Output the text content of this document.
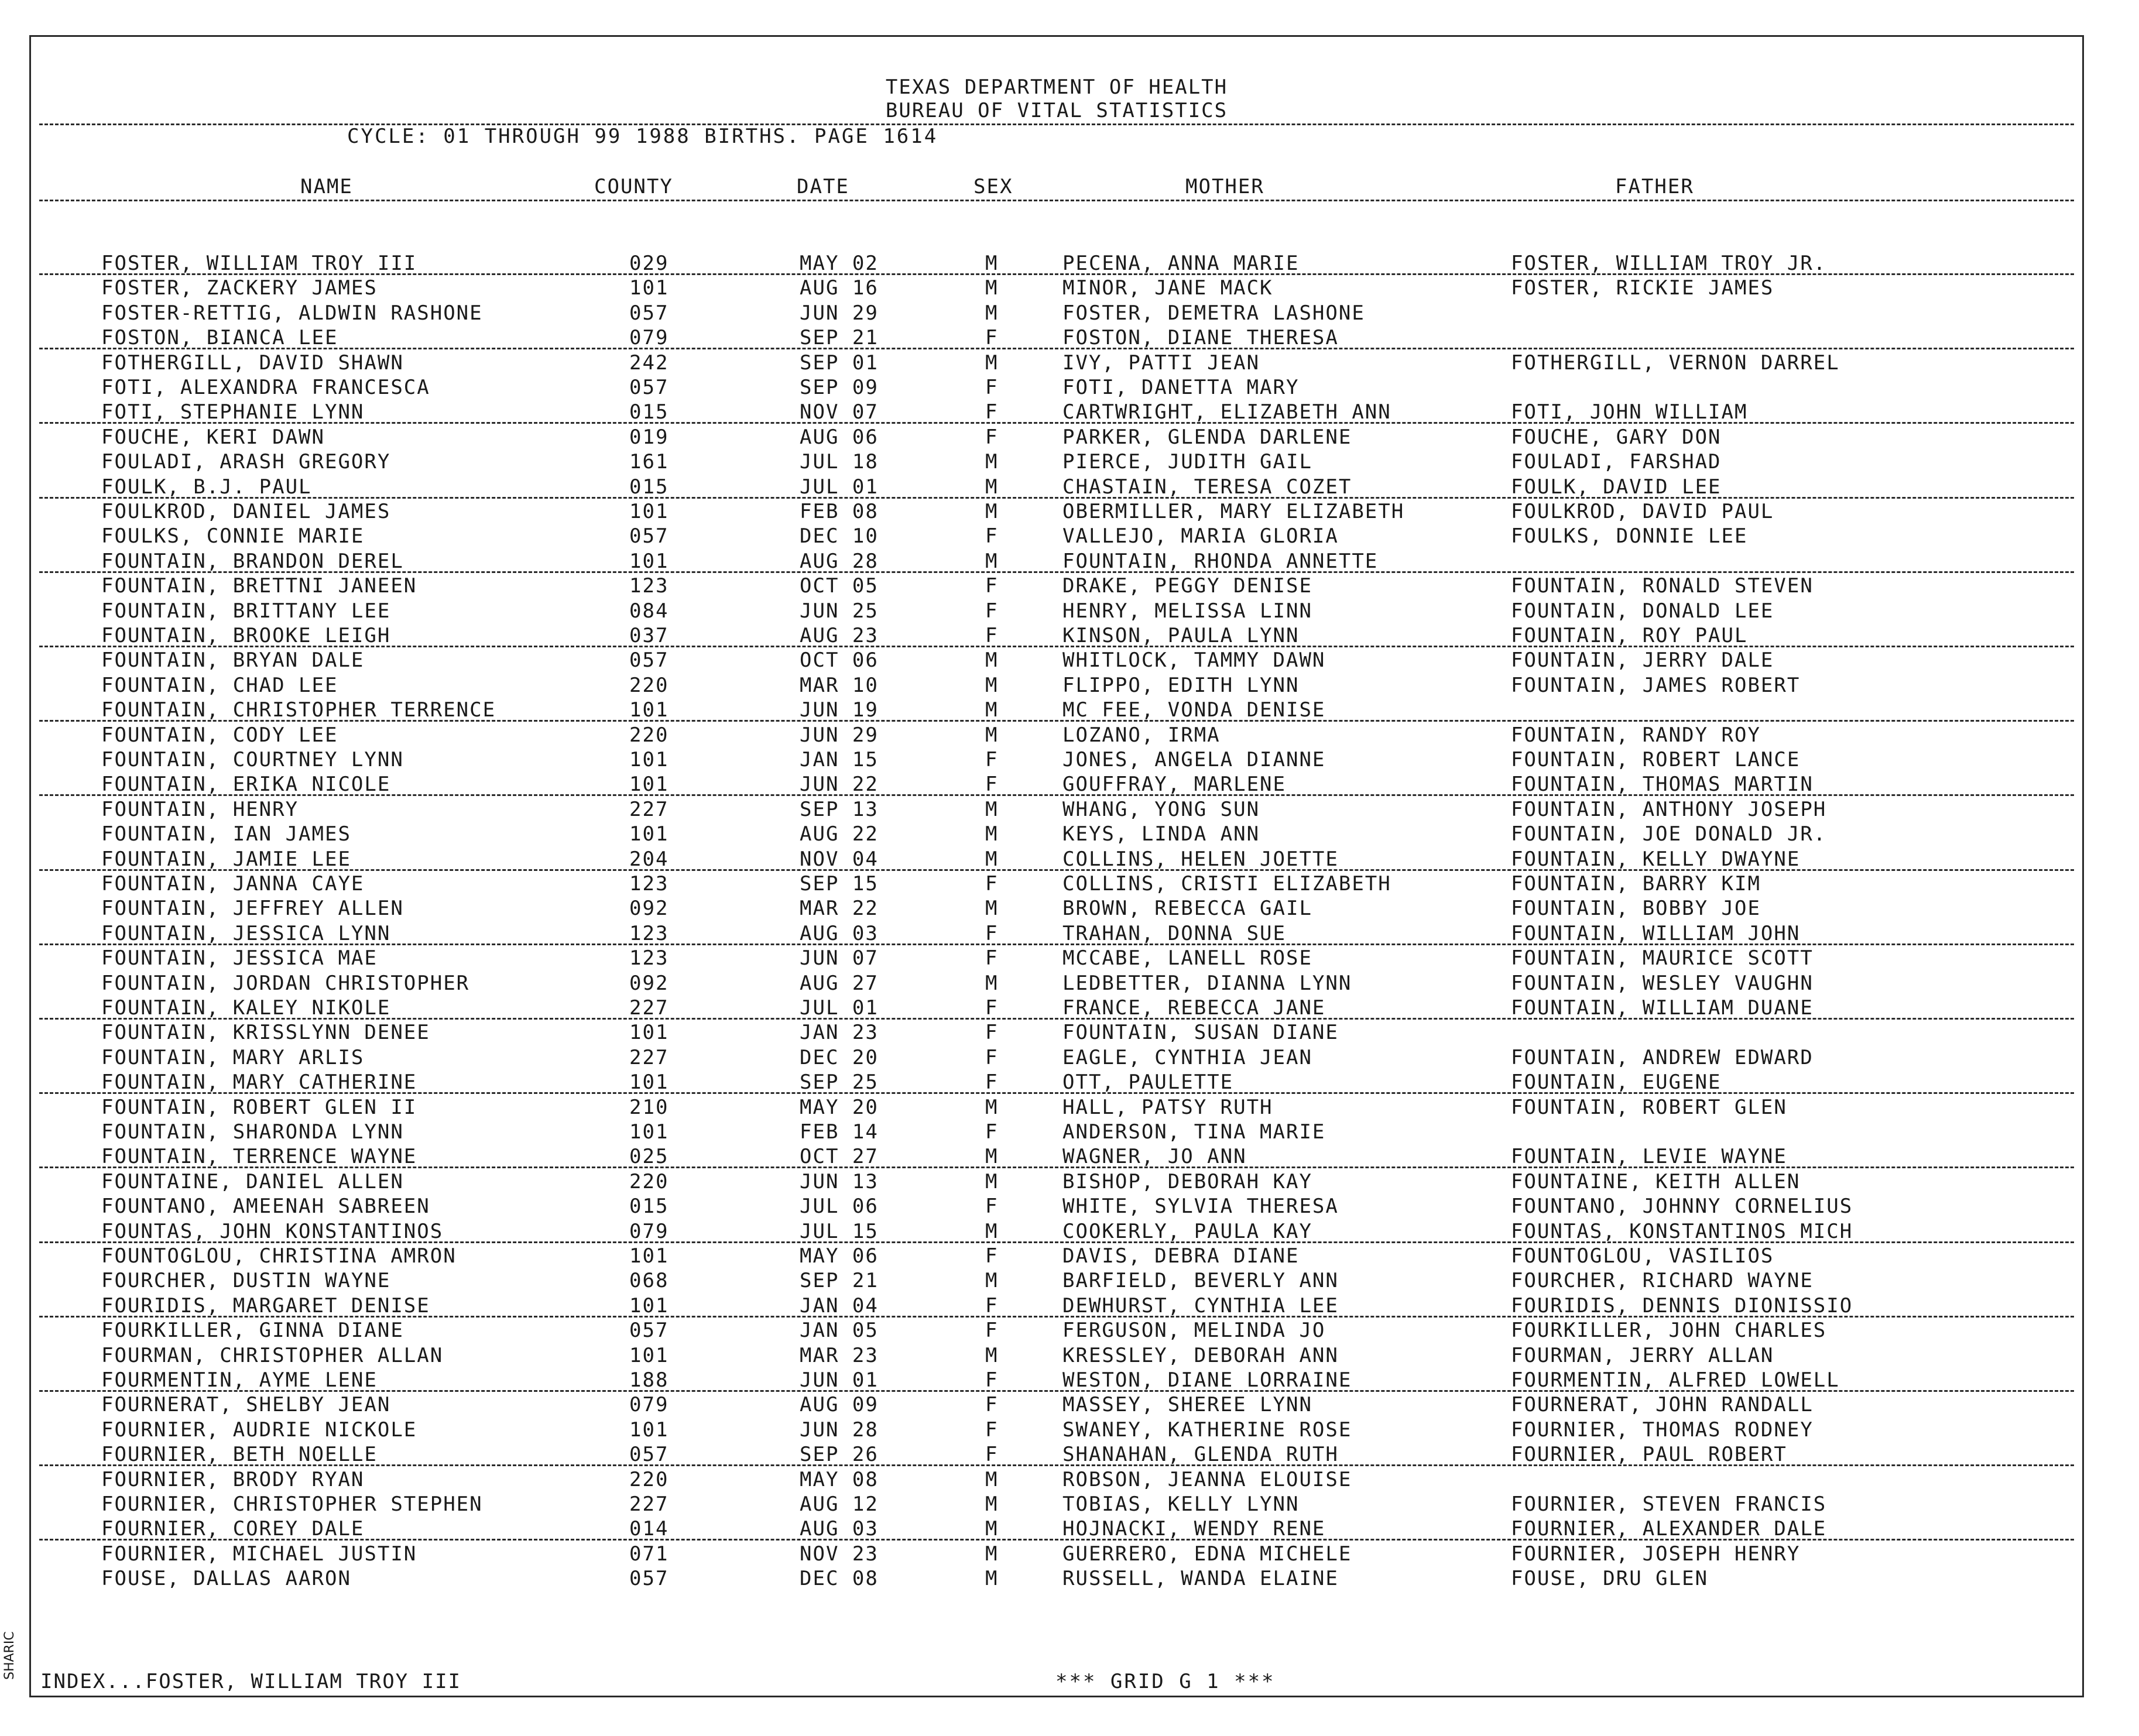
TEXAS DEPARTMENT OF HEALTH
BUREAU OF VITAL STATISTICS
CYCLE: 01 THROUGH 99 1988 BIRTHS. PAGE 1614
NAME	COUNTY	DATE	SEX	MOTHER	FATHER
FOSTER, WILLIAM TROY III	029	MAY 02	M	PECENA, ANNA MARIE	FOSTER, WILLIAM TROY JR.
FOSTER, ZACKERY JAMES	101	AUG 16	M	MINOR, JANE MACK	FOSTER, RICKIE JAMES
FOSTER-RETTIG, ALDWIN RASHONE	057	JUN 29	M	FOSTER, DEMETRA LASHONE
FOSTON, BIANCA LEE	079	SEP 21	F	FOSTON, DIANE THERESA
FOTHERGILL, DAVID SHAWN	242	SEP 01	M	IVY, PATTI JEAN	FOTHERGILL, VERNON DARREL
FOTI, ALEXANDRA FRANCESCA	057	SEP 09	F	FOTI, DANETTA MARY
FOTI, STEPHANIE LYNN	015	NOV 07	F	CARTWRIGHT, ELIZABETH ANN	FOTI, JOHN WILLIAM
FOUCHE, KERI DAWN	019	AUG 06	F	PARKER, GLENDA DARLENE	FOUCHE, GARY DON
FOULADI, ARASH GREGORY	161	JUL 18	M	PIERCE, JUDITH GAIL	FOULADI, FARSHAD
FOULK, B.J. PAUL	015	JUL 01	M	CHASTAIN, TERESA COZET	FOULK, DAVID LEE
FOULKROD, DANIEL JAMES	101	FEB 08	M	OBERMILLER, MARY ELIZABETH	FOULKROD, DAVID PAUL
FOULKS, CONNIE MARIE	057	DEC 10	F	VALLEJO, MARIA GLORIA	FOULKS, DONNIE LEE
FOUNTAIN, BRANDON DEREL	101	AUG 28	M	FOUNTAIN, RHONDA ANNETTE
FOUNTAIN, BRETTNI JANEEN	123	OCT 05	F	DRAKE, PEGGY DENISE	FOUNTAIN, RONALD STEVEN
FOUNTAIN, BRITTANY LEE	084	JUN 25	F	HENRY, MELISSA LINN	FOUNTAIN, DONALD LEE
FOUNTAIN, BROOKE LEIGH	037	AUG 23	F	KINSON, PAULA LYNN	FOUNTAIN, ROY PAUL
FOUNTAIN, BRYAN DALE	057	OCT 06	M	WHITLOCK, TAMMY DAWN	FOUNTAIN, JERRY DALE
FOUNTAIN, CHAD LEE	220	MAR 10	M	FLIPPO, EDITH LYNN	FOUNTAIN, JAMES ROBERT
FOUNTAIN, CHRISTOPHER TERRENCE	101	JUN 19	M	MC FEE, VONDA DENISE
FOUNTAIN, CODY LEE	220	JUN 29	M	LOZANO, IRMA	FOUNTAIN, RANDY ROY
FOUNTAIN, COURTNEY LYNN	101	JAN 15	F	JONES, ANGELA DIANNE	FOUNTAIN, ROBERT LANCE
FOUNTAIN, ERIKA NICOLE	101	JUN 22	F	GOUFFRAY, MARLENE	FOUNTAIN, THOMAS MARTIN
FOUNTAIN, HENRY	227	SEP 13	M	WHANG, YONG SUN	FOUNTAIN, ANTHONY JOSEPH
FOUNTAIN, IAN JAMES	101	AUG 22	M	KEYS, LINDA ANN	FOUNTAIN, JOE DONALD JR.
FOUNTAIN, JAMIE LEE	204	NOV 04	M	COLLINS, HELEN JOETTE	FOUNTAIN, KELLY DWAYNE
FOUNTAIN, JANNA CAYE	123	SEP 15	F	COLLINS, CRISTI ELIZABETH	FOUNTAIN, BARRY KIM
FOUNTAIN, JEFFREY ALLEN	092	MAR 22	M	BROWN, REBECCA GAIL	FOUNTAIN, BOBBY JOE
FOUNTAIN, JESSICA LYNN	123	AUG 03	F	TRAHAN, DONNA SUE	FOUNTAIN, WILLIAM JOHN
FOUNTAIN, JESSICA MAE	123	JUN 07	F	MCCABE, LANELL ROSE	FOUNTAIN, MAURICE SCOTT
FOUNTAIN, JORDAN CHRISTOPHER	092	AUG 27	M	LEDBETTER, DIANNA LYNN	FOUNTAIN, WESLEY VAUGHN
FOUNTAIN, KALEY NIKOLE	227	JUL 01	F	FRANCE, REBECCA JANE	FOUNTAIN, WILLIAM DUANE
FOUNTAIN, KRISSLYNN DENEE	101	JAN 23	F	FOUNTAIN, SUSAN DIANE
FOUNTAIN, MARY ARLIS	227	DEC 20	F	EAGLE, CYNTHIA JEAN	FOUNTAIN, ANDREW EDWARD
FOUNTAIN, MARY CATHERINE	101	SEP 25	F	OTT, PAULETTE	FOUNTAIN, EUGENE
FOUNTAIN, ROBERT GLEN II	210	MAY 20	M	HALL, PATSY RUTH	FOUNTAIN, ROBERT GLEN
FOUNTAIN, SHARONDA LYNN	101	FEB 14	F	ANDERSON, TINA MARIE
FOUNTAIN, TERRENCE WAYNE	025	OCT 27	M	WAGNER, JO ANN	FOUNTAIN, LEVIE WAYNE
FOUNTAINE, DANIEL ALLEN	220	JUN 13	M	BISHOP, DEBORAH KAY	FOUNTAINE, KEITH ALLEN
FOUNTANO, AMEENAH SABREEN	015	JUL 06	F	WHITE, SYLVIA THERESA	FOUNTANO, JOHNNY CORNELIUS
FOUNTAS, JOHN KONSTANTINOS	079	JUL 15	M	COOKERLY, PAULA KAY	FOUNTAS, KONSTANTINOS MICH
FOUNTOGLOU, CHRISTINA AMRON	101	MAY 06	F	DAVIS, DEBRA DIANE	FOUNTOGLOU, VASILIOS
FOURCHER, DUSTIN WAYNE	068	SEP 21	M	BARFIELD, BEVERLY ANN	FOURCHER, RICHARD WAYNE
FOURIDIS, MARGARET DENISE	101	JAN 04	F	DEWHURST, CYNTHIA LEE	FOURIDIS, DENNIS DIONISSIO
FOURKILLER, GINNA DIANE	057	JAN 05	F	FERGUSON, MELINDA JO	FOURKILLER, JOHN CHARLES
FOURMAN, CHRISTOPHER ALLAN	101	MAR 23	M	KRESSLEY, DEBORAH ANN	FOURMAN, JERRY ALLAN
FOURMENTIN, AYME LENE	188	JUN 01	F	WESTON, DIANE LORRAINE	FOURMENTIN, ALFRED LOWELL
FOURNERAT, SHELBY JEAN	079	AUG 09	F	MASSEY, SHEREE LYNN	FOURNERAT, JOHN RANDALL
FOURNIER, AUDRIE NICKOLE	101	JUN 28	F	SWANEY, KATHERINE ROSE	FOURNIER, THOMAS RODNEY
FOURNIER, BETH NOELLE	057	SEP 26	F	SHANAHAN, GLENDA RUTH	FOURNIER, PAUL ROBERT
FOURNIER, BRODY RYAN	220	MAY 08	M	ROBSON, JEANNA ELOUISE
FOURNIER, CHRISTOPHER STEPHEN	227	AUG 12	M	TOBIAS, KELLY LYNN	FOURNIER, STEVEN FRANCIS
FOURNIER, COREY DALE	014	AUG 03	M	HOJNACKI, WENDY RENE	FOURNIER, ALEXANDER DALE
FOURNIER, MICHAEL JUSTIN	071	NOV 23	M	GUERRERO, EDNA MICHELE	FOURNIER, JOSEPH HENRY
FOUSE, DALLAS AARON	057	DEC 08	M	RUSSELL, WANDA ELAINE	FOUSE, DRU GLEN
INDEX...FOSTER, WILLIAM TROY III	*** GRID G 1 ***
SHARIC
